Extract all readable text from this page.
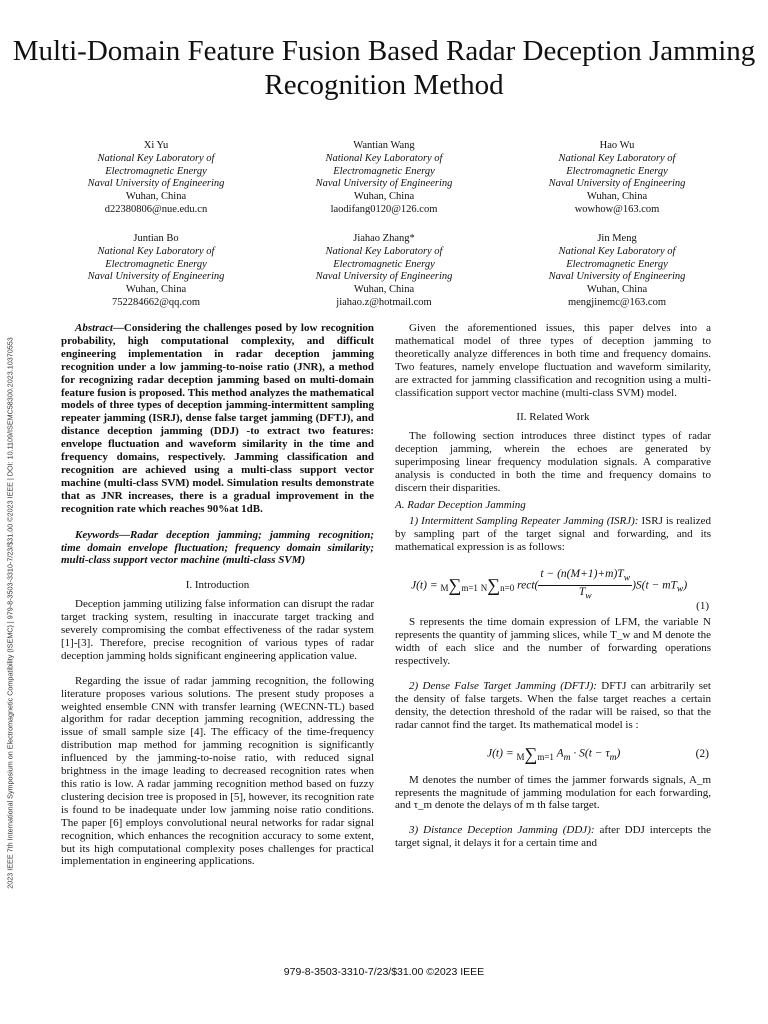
Multi-Domain Feature Fusion Based Radar Deception Jamming Recognition Method
2023 IEEE 7th International Symposium on Electromagnetic Compatibility (ISEMC) | 979-8-3503-3310-7/23/$31.00 ©2023 IEEE | DOI: 10.1109/ISEMC58300.2023.10370553
Xi Yu
National Key Laboratory of
Electromagnetic Energy
Naval University of Engineering
Wuhan, China
d22380806@nue.edu.cn
Wantian Wang
National Key Laboratory of
Electromagnetic Energy
Naval University of Engineering
Wuhan, China
laodifang0120@126.com
Hao Wu
National Key Laboratory of
Electromagnetic Energy
Naval University of Engineering
Wuhan, China
wowhow@163.com
Juntian Bo
National Key Laboratory of
Electromagnetic Energy
Naval University of Engineering
Wuhan, China
752284662@qq.com
Jiahao Zhang*
National Key Laboratory of
Electromagnetic Energy
Naval University of Engineering
Wuhan, China
jiahao.z@hotmail.com
Jin Meng
National Key Laboratory of
Electromagnetic Energy
Naval University of Engineering
Wuhan, China
mengjinemc@163.com

Abstract—Considering the challenges posed by low recognition probability, high computational complexity, and difficult engineering implementation in radar deception jamming recognition under a low jamming-to-noise ratio (JNR), a method for recognizing radar deception jamming based on multi-domain feature fusion is proposed. This method analyzes the mathematical models of three types of deception jamming-intermittent sampling repeater jamming (ISRJ), dense false target jamming (DFTJ), and distance deception jamming (DDJ) -to extract two features: envelope fluctuation and waveform similarity in the time and frequency domains, respectively. Jamming classification and recognition are achieved using a multi-class support vector machine (multi-class SVM) model. Simulation results demonstrate that as JNR increases, there is a gradual improvement in the recognition rate which reaches 90%at 1dB.

Keywords—Radar deception jamming; jamming recognition; time domain envelope fluctuation; frequency domain similarity; multi-class support vector machine (multi-class SVM)

I. Introduction

Deception jamming utilizing false information can disrupt the radar target tracking system, resulting in inaccurate target tracking and severely compromising the combat effectiveness of the radar system [1]-[3]. Therefore, precise recognition of various types of radar deception jamming holds significant engineering application value.

Regarding the issue of radar jamming recognition, the following literature proposes various solutions. The present study proposes a weighted ensemble CNN with transfer learning (WECNN-TL) based algorithm for radar deception jamming recognition, addressing the issue of small sample size [4]. The efficacy of the time-frequency distribution map method for jamming recognition is significantly influenced by the jamming-to-noise ratio, with reduced signal brightness in the image leading to decreased recognition rates when this ratio is low. A radar jamming recognition method based on fuzzy clustering decision tree is proposed in [5], however, its recognition rate is found to be inadequate under low jamming noise ratio conditions. The paper [6] employs convolutional neural networks for radar signal recognition, which enhances the recognition accuracy to some extent, but its high computational complexity poses challenges for practical implementation in engineering applications.

Given the aforementioned issues, this paper delves into a mathematical model of three types of deception jamming to theoretically analyze differences in both time and frequency domains. Two features, namely envelope fluctuation and waveform similarity, are extracted for jamming classification and recognition using a multi-classification support vector machine (multi-class SVM) model.

II. Related Work

The following section introduces three distinct types of radar deception jamming, wherein the echoes are generated by superimposing linear frequency modulation signals. A comparative analysis is conducted in both the time and frequency domains to discern their disparities.

A. Radar Deception Jamming

1) Intermittent Sampling Repeater Jamming (ISRJ): ISRJ is realized by sampling part of the target signal and forwarding, and its mathematical expression is as follows:

J(t) = M∑m=1 N∑n=0 rect( $\frac{t - (n(M+1)+m)T_w}{T_w} )S(t - mT_w)$
(1)

S represents the time domain expression of LFM, the variable N represents the quantity of jamming slices, while T_w and M denote the width of each slice and the number of forwarding operations respectively.

2) Dense False Target Jamming (DFTJ): DFTJ can arbitrarily set the density of false targets. When the false target reaches a certain density, the detection threshold of the radar will be raised, so that the radar cannot find the target. Its mathematical model is :

J(t) = M∑m=1 $A_m \cdot S(t - \tau_m)$	(2)

M denotes the number of times the jammer forwards signals, A_m represents the magnitude of jamming modulation for each forwarding, and τ_m denote the delays of m th false target.

3) Distance Deception Jamming (DDJ): after DDJ intercepts the target signal, it delays it for a certain time and

979-8-3503-3310-7/23/$31.00 ©2023 IEEE
